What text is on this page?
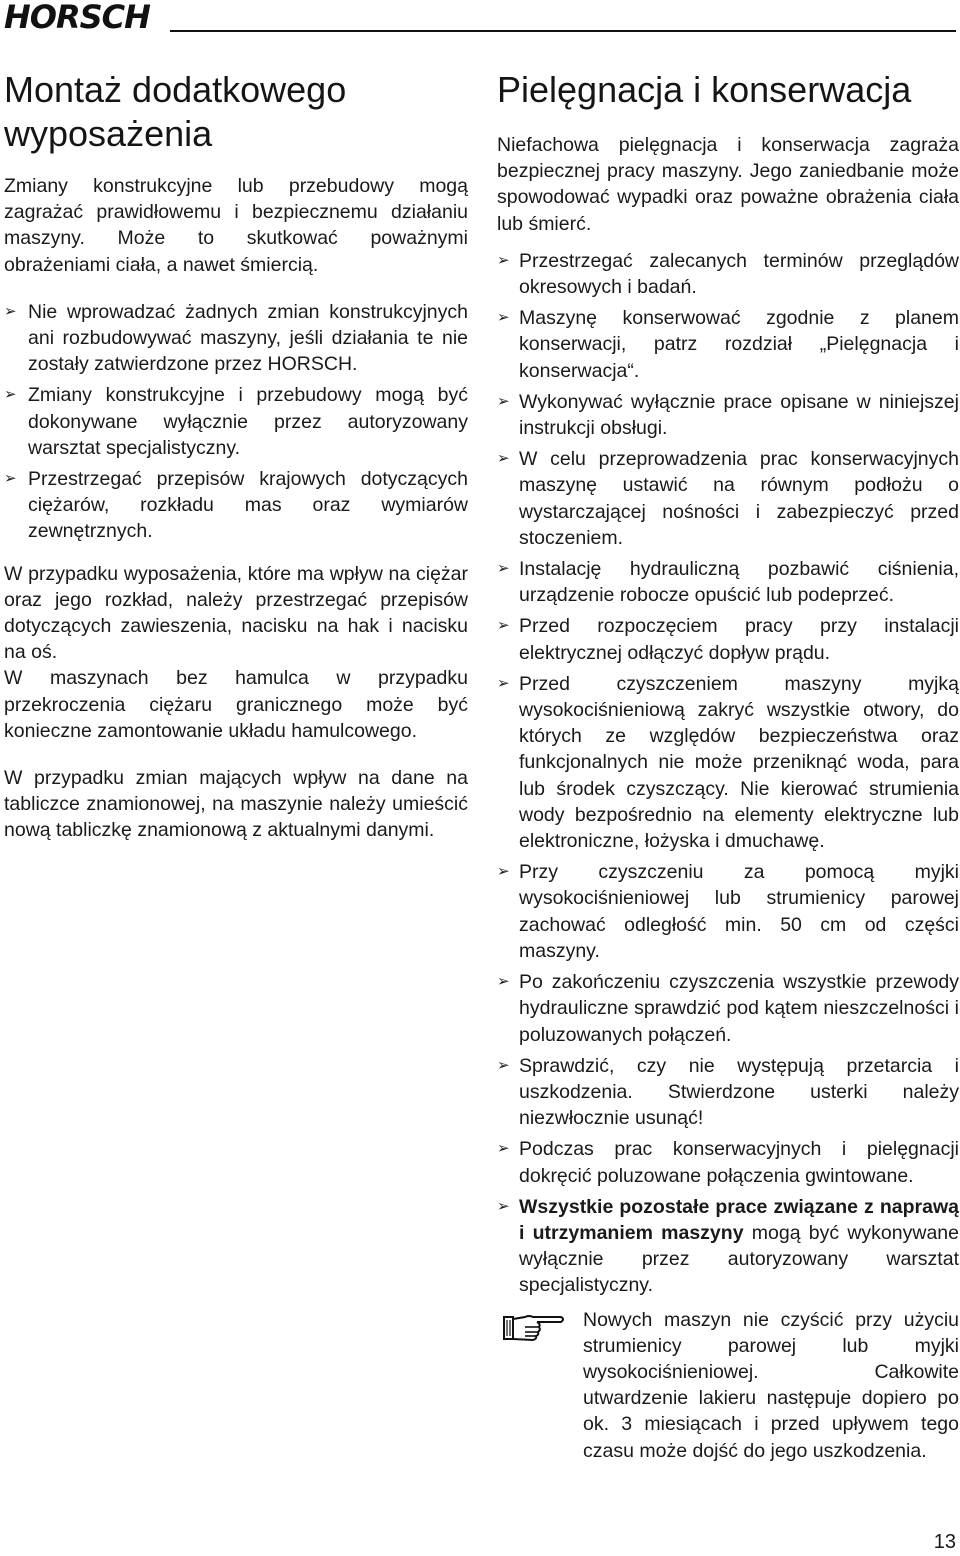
HORSCH
Montaż dodatkowego wyposażenia

Zmiany konstrukcyjne lub przebudowy mogą zagrażać prawidłowemu i bezpiecznemu działaniu maszyny. Może to skutkować poważnymi obrażeniami ciała, a nawet śmiercią.

➢ Nie wprowadzać żadnych zmian konstrukcyjnych ani rozbudowywać maszyny, jeśli działania te nie zostały zatwierdzone przez HORSCH.
➢ Zmiany konstrukcyjne i przebudowy mogą być dokonywane wyłącznie przez autoryzowany warsztat specjalistyczny.
➢ Przestrzegać przepisów krajowych dotyczących ciężarów, rozkładu mas oraz wymiarów zewnętrznych.

W przypadku wyposażenia, które ma wpływ na ciężar oraz jego rozkład, należy przestrzegać przepisów dotyczących zawieszenia, nacisku na hak i nacisku na oś.

W maszynach bez hamulca w przypadku przekroczenia ciężaru granicznego może być konieczne zamontowanie układu hamulcowego.

W przypadku zmian mających wpływ na dane na tabliczce znamionowej, na maszynie należy umieścić nową tabliczkę znamionową z aktualnymi danymi.

Pielęgnacja i konserwacja

Niefachowa pielęgnacja i konserwacja zagraża bezpiecznej pracy maszyny. Jego zaniedbanie może spowodować wypadki oraz poważne obrażenia ciała lub śmierć.

➢ Przestrzegać zalecanych terminów przeglądów okresowych i badań.
➢ Maszynę konserwować zgodnie z planem konserwacji, patrz rozdział „Pielęgnacja i konserwacja“.
➢ Wykonywać wyłącznie prace opisane w niniejszej instrukcji obsługi.
➢ W celu przeprowadzenia prac konserwacyjnych maszynę ustawić na równym podłożu o wystarczającej nośności i zabezpieczyć przed stoczeniem.
➢ Instalację hydrauliczną pozbawić ciśnienia, urządzenie robocze opuścić lub podeprzeć.
➢ Przed rozpoczęciem pracy przy instalacji elektrycznej odłączyć dopływ prądu.
➢ Przed czyszczeniem maszyny myjką wysokociśnieniową zakryć wszystkie otwory, do których ze względów bezpieczeństwa oraz funkcjonalnych nie może przeniknąć woda, para lub środek czyszczący. Nie kierować strumienia wody bezpośrednio na elementy elektryczne lub elektroniczne, łożyska i dmuchawę.
➢ Przy czyszczeniu za pomocą myjki wysokociśnieniowej lub strumienicy parowej zachować odległość min. 50 cm od części maszyny.
➢ Po zakończeniu czyszczenia wszystkie przewody hydrauliczne sprawdzić pod kątem nieszczelności i poluzowanych połączeń.
➢ Sprawdzić, czy nie występują przetarcia i uszkodzenia. Stwierdzone usterki należy niezwłocznie usunąć!
➢ Podczas prac konserwacyjnych i pielęgnacji dokręcić poluzowane połączenia gwintowane.
➢ Wszystkie pozostałe prace związane z naprawą i utrzymaniem maszyny mogą być wykonywane wyłącznie przez autoryzowany warsztat specjalistyczny.

Nowych maszyn nie czyścić przy użyciu strumienicy parowej lub myjki wysokociśnieniowej. Całkowite utwardzenie lakieru następuje dopiero po ok. 3 miesiącach i przed upływem tego czasu może dojść do jego uszkodzenia.

13
